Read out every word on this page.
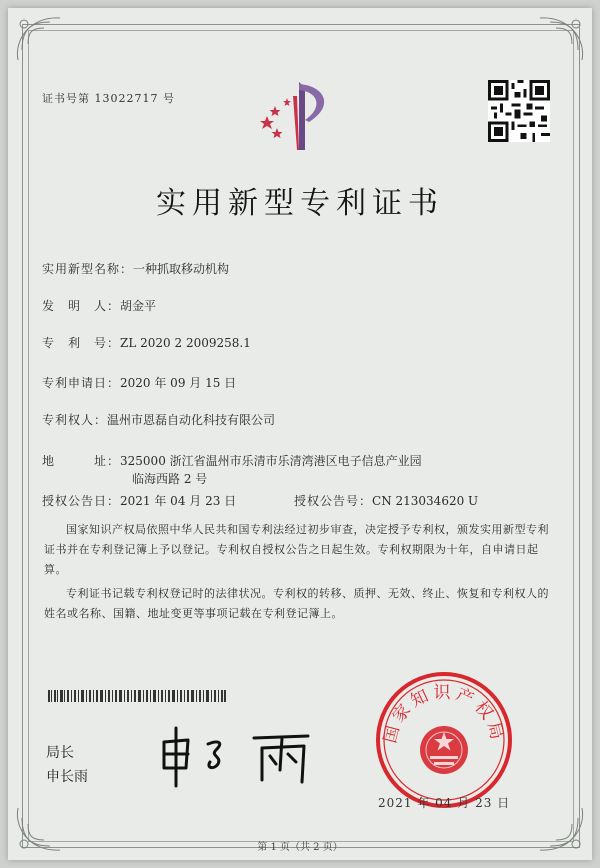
证书号第 13022717 号
实用新型专利证书
实用新型名称：一种抓取移动机构
发　明　人：胡金平
专　利　号：ZL 2020 2 2009258.1
专利申请日：2020 年 09 月 15 日
专利权人：温州市恩磊自动化科技有限公司
地　　　址：325000 浙江省温州市乐清市乐清湾港区电子信息产业园
临海西路 2 号
授权公告日：2021 年 04 月 23 日	授权公告号：CN 213034620 U
国家知识产权局依照中华人民共和国专利法经过初步审查，决定授予专利权，颁发实用新型专利证书并在专利登记簿上予以登记。专利权自授权公告之日起生效。专利权期限为十年，自申请日起算。
专利证书记载专利权登记时的法律状况。专利权的转移、质押、无效、终止、恢复和专利权人的姓名或名称、国籍、地址变更等事项记载在专利登记簿上。
局长
申长雨
国家知识产权局
2021 年 04 月 23 日
第 1 页（共 2 页）
